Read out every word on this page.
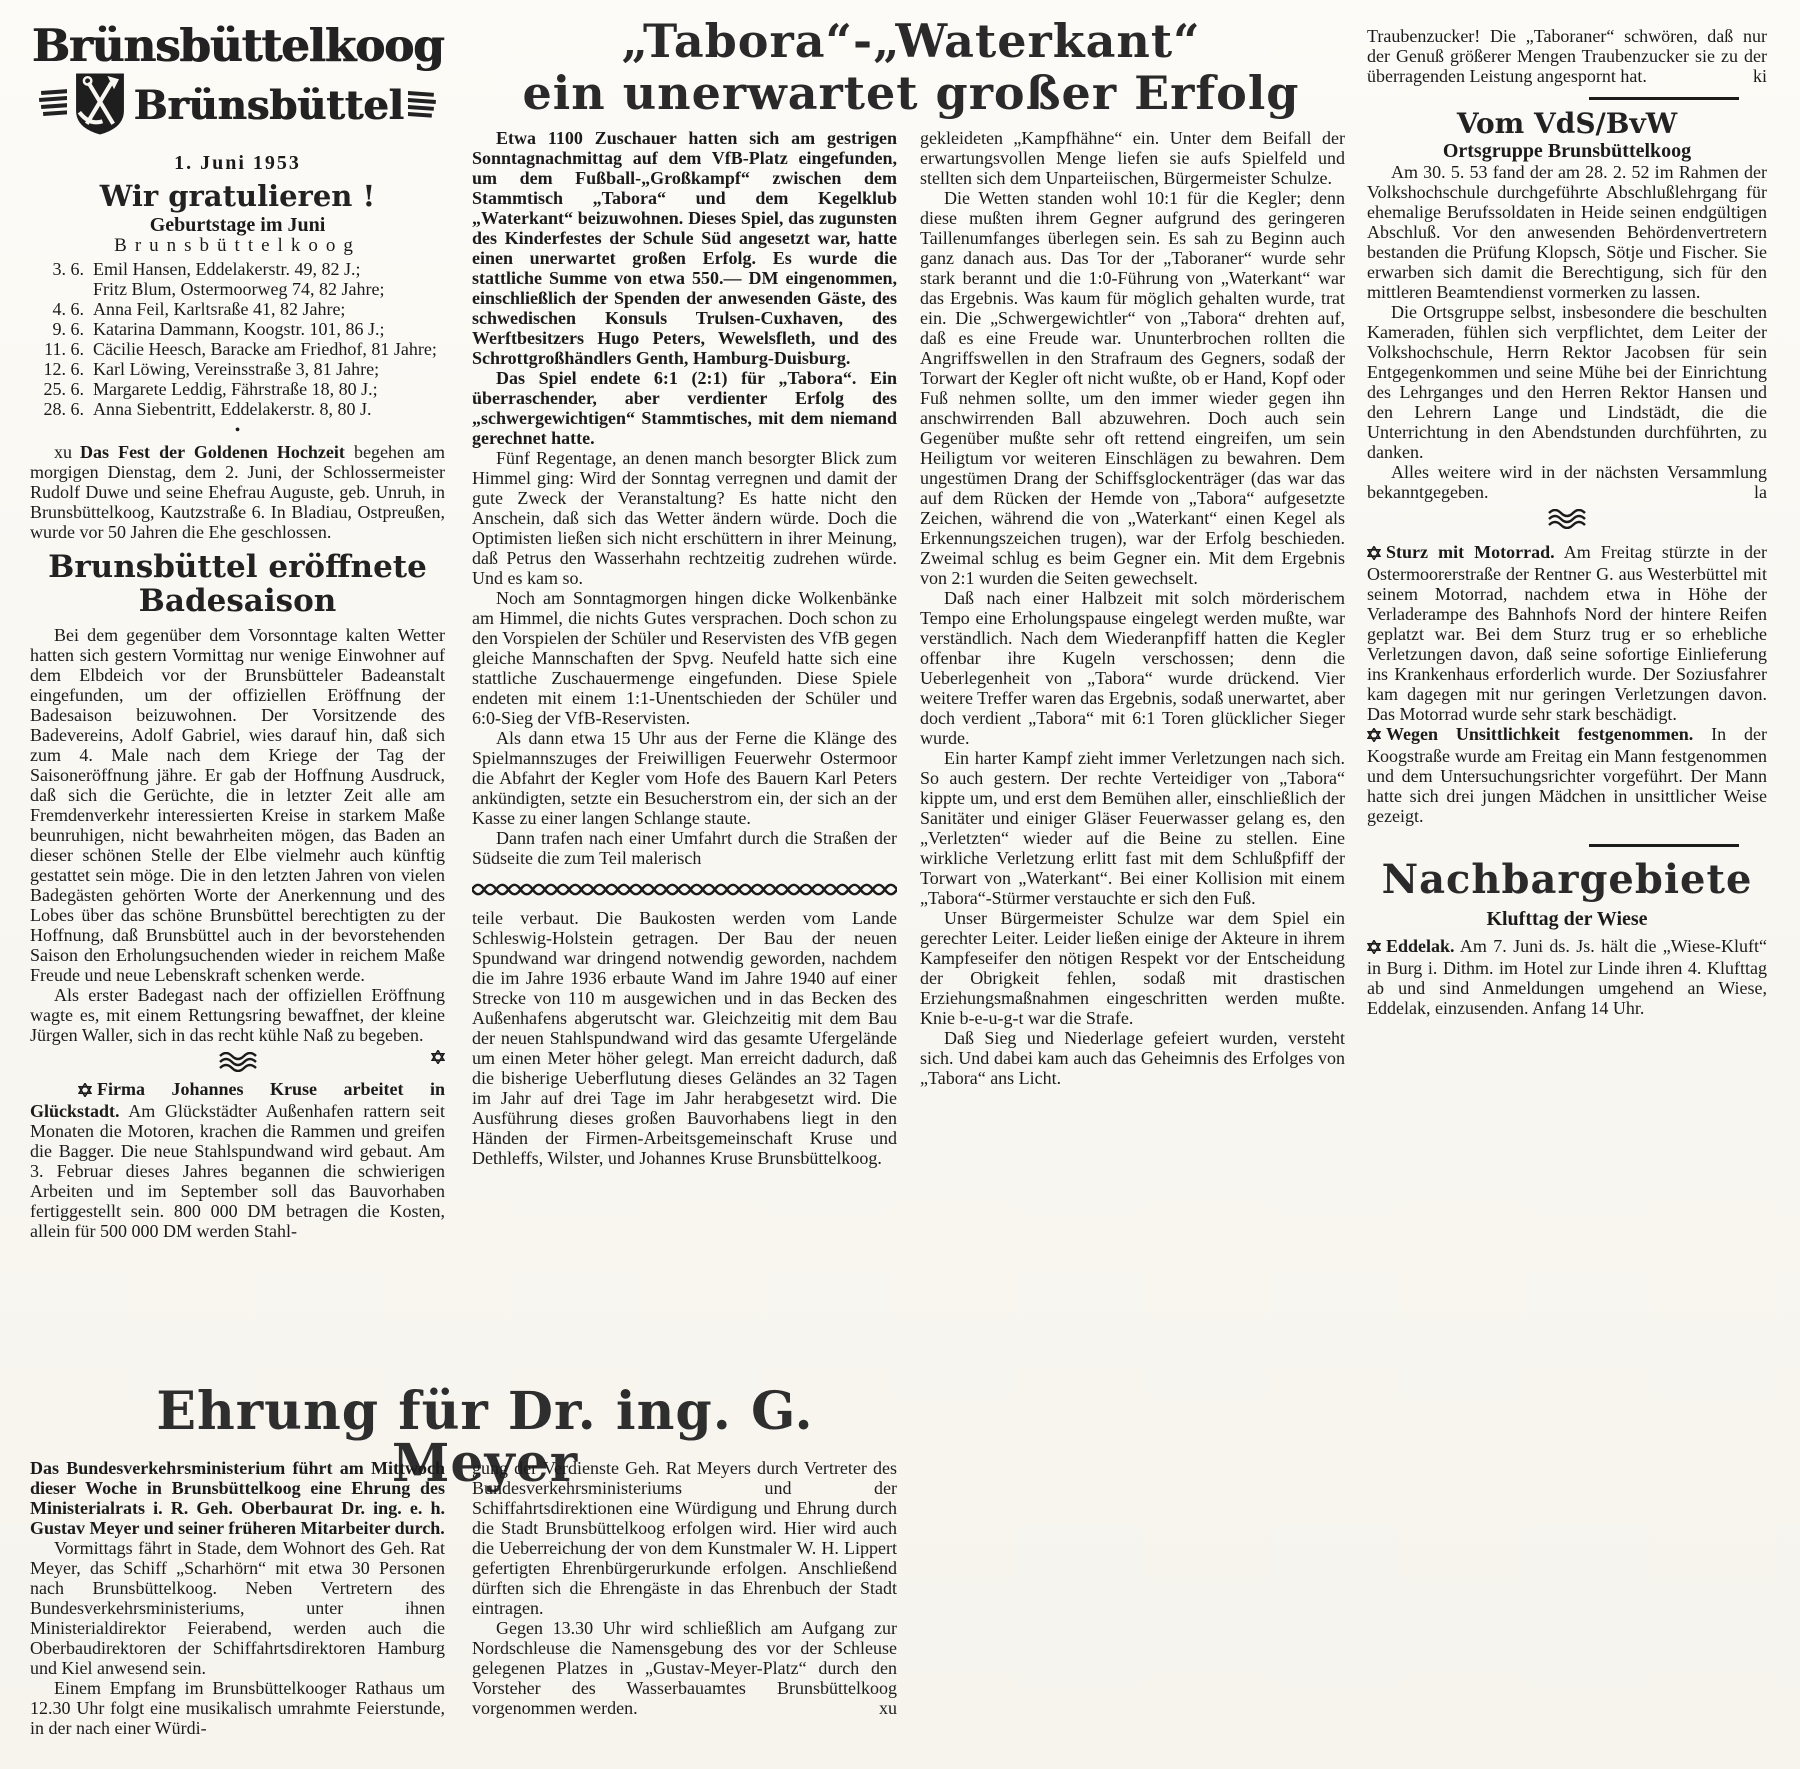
Brünsbüttelkoog
Brünsbüttel
1. Juni 1953
Wir gratulieren !
Geburtstage im Juni
Brunsbüttelkoog
3. 6. Emil Hansen, Eddelakerstr. 49, 82 J.;
Fritz Blum, Ostermoorweg 74, 82 Jahre;
4. 6. Anna Feil, Karltsraße 41, 82 Jahre;
9. 6. Katarina Dammann, Koogstr. 101, 86 J.;
11. 6. Cäcilie Heesch, Baracke am Friedhof, 81 Jahre;
12. 6. Karl Löwing, Vereinsstraße 3, 81 Jahre;
25. 6. Margarete Leddig, Fährstraße 18, 80 J.;
28. 6. Anna Siebentritt, Eddelakerstr. 8, 80 J.
•

xu Das Fest der Goldenen Hochzeit begehen am morgigen Dienstag, dem 2. Juni, der Schlossermeister Rudolf Duwe und seine Ehefrau Auguste, geb. Unruh, in Brunsbüttelkoog, Kautzstraße 6. In Bladiau, Ostpreußen, wurde vor 50 Jahren die Ehe geschlossen.

Brunsbüttel eröffnete
Badesaison

Bei dem gegenüber dem Vorsonntage kalten Wetter hatten sich gestern Vormittag nur wenige Einwohner auf dem Elbdeich vor der Brunsbütteler Badeanstalt eingefunden, um der offiziellen Eröffnung der Badesaison beizuwohnen. Der Vorsitzende des Badevereins, Adolf Gabriel, wies darauf hin, daß sich zum 4. Male nach dem Kriege der Tag der Saisoneröffnung jähre. Er gab der Hoffnung Ausdruck, daß sich die Gerüchte, die in letzter Zeit alle am Fremdenverkehr interessierten Kreise in starkem Maße beunruhigen, nicht bewahrheiten mögen, das Baden an dieser schönen Stelle der Elbe vielmehr auch künftig gestattet sein möge. Die in den letzten Jahren von vielen Badegästen gehörten Worte der Anerkennung und des Lobes über das schöne Brunsbüttel berechtigten zu der Hoffnung, daß Brunsbüttel auch in der bevorstehenden Saison den Erholungsuchenden wieder in reichem Maße Freude und neue Lebenskraft schenken werde.

Als erster Badegast nach der offiziellen Eröffnung wagte es, mit einem Rettungsring bewaffnet, der kleine Jürgen Waller, sich in das recht kühle Naß zu begeben.

Firma Johannes Kruse arbeitet in Glückstadt. Am Glückstädter Außenhafen rattern seit Monaten die Motoren, krachen die Rammen und greifen die Bagger. Die neue Stahlspundwand wird gebaut. Am 3. Februar dieses Jahres begannen die schwierigen Arbeiten und im September soll das Bauvorhaben fertiggestellt sein. 800 000 DM betragen die Kosten, allein für 500 000 DM werden Stahl-

„Tabora“-„Waterkant“
ein unerwartet großer Erfolg

Etwa 1100 Zuschauer hatten sich am gestrigen Sonntagnachmittag auf dem VfB-Platz eingefunden, um dem Fußball-„Großkampf“ zwischen dem Stammtisch „Tabora“ und dem Kegelklub „Waterkant“ beizuwohnen. Dieses Spiel, das zugunsten des Kinderfestes der Schule Süd angesetzt war, hatte einen unerwartet großen Erfolg. Es wurde die stattliche Summe von etwa 550.— DM eingenommen, einschließlich der Spenden der anwesenden Gäste, des schwedischen Konsuls Trulsen-Cuxhaven, des Werftbesitzers Hugo Peters, Wewelsfleth, und des Schrottgroßhändlers Genth, Hamburg-Duisburg.

Das Spiel endete 6:1 (2:1) für „Tabora“. Ein überraschender, aber verdienter Erfolg des „schwergewichtigen“ Stammtisches, mit dem niemand gerechnet hatte.

Fünf Regentage, an denen manch besorgter Blick zum Himmel ging: Wird der Sonntag verregnen und damit der gute Zweck der Veranstaltung? Es hatte nicht den Anschein, daß sich das Wetter ändern würde. Doch die Optimisten ließen sich nicht erschüttern in ihrer Meinung, daß Petrus den Wasserhahn rechtzeitig zudrehen würde. Und es kam so.

Noch am Sonntagmorgen hingen dicke Wolkenbänke am Himmel, die nichts Gutes versprachen. Doch schon zu den Vorspielen der Schüler und Reservisten des VfB gegen gleiche Mannschaften der Spvg. Neufeld hatte sich eine stattliche Zuschauermenge eingefunden. Diese Spiele endeten mit einem 1:1-Unentschieden der Schüler und 6:0-Sieg der VfB-Reservisten.

Als dann etwa 15 Uhr aus der Ferne die Klänge des Spielmannszuges der Freiwilligen Feuerwehr Ostermoor die Abfahrt der Kegler vom Hofe des Bauern Karl Peters ankündigten, setzte ein Besucherstrom ein, der sich an der Kasse zu einer langen Schlange staute.

Dann trafen nach einer Umfahrt durch die Straßen der Südseite die zum Teil malerisch

teile verbaut. Die Baukosten werden vom Lande Schleswig-Holstein getragen. Der Bau der neuen Spundwand war dringend notwendig geworden, nachdem die im Jahre 1936 erbaute Wand im Jahre 1940 auf einer Strecke von 110 m ausgewichen und in das Becken des Außenhafens abgerutscht war. Gleichzeitig mit dem Bau der neuen Stahlspundwand wird das gesamte Ufergelände um einen Meter höher gelegt. Man erreicht dadurch, daß die bisherige Ueberflutung dieses Geländes an 32 Tagen im Jahr auf drei Tage im Jahr herabgesetzt wird. Die Ausführung dieses großen Bauvorhabens liegt in den Händen der Firmen-Arbeitsgemeinschaft Kruse und Dethleffs, Wilster, und Johannes Kruse Brunsbüttelkoog.

gekleideten „Kampfhähne“ ein. Unter dem Beifall der erwartungsvollen Menge liefen sie aufs Spielfeld und stellten sich dem Unparteiischen, Bürgermeister Schulze.

Die Wetten standen wohl 10:1 für die Kegler; denn diese mußten ihrem Gegner aufgrund des geringeren Taillenumfanges überlegen sein. Es sah zu Beginn auch ganz danach aus. Das Tor der „Taboraner“ wurde sehr stark berannt und die 1:0-Führung von „Waterkant“ war das Ergebnis. Was kaum für möglich gehalten wurde, trat ein. Die „Schwergewichtler“ von „Tabora“ drehten auf, daß es eine Freude war. Ununterbrochen rollten die Angriffswellen in den Strafraum des Gegners, sodaß der Torwart der Kegler oft nicht wußte, ob er Hand, Kopf oder Fuß nehmen sollte, um den immer wieder gegen ihn anschwirrenden Ball abzuwehren. Doch auch sein Gegenüber mußte sehr oft rettend eingreifen, um sein Heiligtum vor weiteren Einschlägen zu bewahren. Dem ungestümen Drang der Schiffsglockenträger (das war das auf dem Rücken der Hemde von „Tabora“ aufgesetzte Zeichen, während die von „Waterkant“ einen Kegel als Erkennungszeichen trugen), war der Erfolg beschieden. Zweimal schlug es beim Gegner ein. Mit dem Ergebnis von 2:1 wurden die Seiten gewechselt.

Daß nach einer Halbzeit mit solch mörderischem Tempo eine Erholungspause eingelegt werden mußte, war verständlich. Nach dem Wiederanpfiff hatten die Kegler offenbar ihre Kugeln verschossen; denn die Ueberlegenheit von „Tabora“ wurde drückend. Vier weitere Treffer waren das Ergebnis, sodaß unerwartet, aber doch verdient „Tabora“ mit 6:1 Toren glücklicher Sieger wurde.

Ein harter Kampf zieht immer Verletzungen nach sich. So auch gestern. Der rechte Verteidiger von „Tabora“ kippte um, und erst dem Bemühen aller, einschließlich der Sanitäter und einiger Gläser Feuerwasser gelang es, den „Verletzten“ wieder auf die Beine zu stellen. Eine wirkliche Verletzung erlitt fast mit dem Schlußpfiff der Torwart von „Waterkant“. Bei einer Kollision mit einem „Tabora“-Stürmer verstauchte er sich den Fuß.

Unser Bürgermeister Schulze war dem Spiel ein gerechter Leiter. Leider ließen einige der Akteure in ihrem Kampfeseifer den nötigen Respekt vor der Entscheidung der Obrigkeit fehlen, sodaß mit drastischen Erziehungsmaßnahmen eingeschritten werden mußte. Knie b-e-u-g-t war die Strafe.

Daß Sieg und Niederlage gefeiert wurden, versteht sich. Und dabei kam auch das Geheimnis des Erfolges von „Tabora“ ans Licht.

Traubenzucker! Die „Taboraner“ schwören, daß nur der Genuß größerer Mengen Traubenzucker sie zu der überragenden Leistung angespornt hat.	ki

Vom VdS/BvW
Ortsgruppe Brunsbüttelkoog

Am 30. 5. 53 fand der am 28. 2. 52 im Rahmen der Volkshochschule durchgeführte Abschlußlehrgang für ehemalige Berufssoldaten in Heide seinen endgültigen Abschluß. Vor den anwesenden Behördenvertretern bestanden die Prüfung Klopsch, Sötje und Fischer. Sie erwarben sich damit die Berechtigung, sich für den mittleren Beamtendienst vormerken zu lassen.

Die Ortsgruppe selbst, insbesondere die beschulten Kameraden, fühlen sich verpflichtet, dem Leiter der Volkshochschule, Herrn Rektor Jacobsen für sein Entgegenkommen und seine Mühe bei der Einrichtung des Lehrganges und den Herren Rektor Hansen und den Lehrern Lange und Lindstädt, die die Unterrichtung in den Abendstunden durchführten, zu danken.

Alles weitere wird in der nächsten Versammlung bekanntgegeben.	la

Sturz mit Motorrad. Am Freitag stürzte in der Ostermoorerstraße der Rentner G. aus Westerbüttel mit seinem Motorrad, nachdem etwa in Höhe der Verladerampe des Bahnhofs Nord der hintere Reifen geplatzt war. Bei dem Sturz trug er so erhebliche Verletzungen davon, daß seine sofortige Einlieferung ins Krankenhaus erforderlich wurde. Der Soziusfahrer kam dagegen mit nur geringen Verletzungen davon. Das Motorrad wurde sehr stark beschädigt.

Wegen Unsittlichkeit festgenommen. In der Koogstraße wurde am Freitag ein Mann festgenommen und dem Untersuchungsrichter vorgeführt. Der Mann hatte sich drei jungen Mädchen in unsittlicher Weise gezeigt.

Nachbargebiete
Klufttag der Wiese

Eddelak. Am 7. Juni ds. Js. hält die „Wiese-Kluft“ in Burg i. Dithm. im Hotel zur Linde ihren 4. Klufttag ab und sind Anmeldungen umgehend an Wiese, Eddelak, einzusenden. Anfang 14 Uhr.

Ehrung für Dr. ing. G. Meyer

Das Bundesverkehrsministerium führt am Mittwoch dieser Woche in Brunsbüttelkoog eine Ehrung des Ministerialrats i. R. Geh. Oberbaurat Dr. ing. e. h. Gustav Meyer und seiner früheren Mitarbeiter durch.

Vormittags fährt in Stade, dem Wohnort des Geh. Rat Meyer, das Schiff „Scharhörn“ mit etwa 30 Personen nach Brunsbüttelkoog. Neben Vertretern des Bundesverkehrsministeriums, unter ihnen Ministerialdirektor Feierabend, werden auch die Oberbaudirektoren der Schiffahrtsdirektoren Hamburg und Kiel anwesend sein.

Einem Empfang im Brunsbüttelkooger Rathaus um 12.30 Uhr folgt eine musikalisch umrahmte Feierstunde, in der nach einer Würdi-

gung der Verdienste Geh. Rat Meyers durch Vertreter des Bundesverkehrsministeriums und der Schiffahrtsdirektionen eine Würdigung und Ehrung durch die Stadt Brunsbüttelkoog erfolgen wird. Hier wird auch die Ueberreichung der von dem Kunstmaler W. H. Lippert gefertigten Ehrenbürgerurkunde erfolgen. Anschließend dürften sich die Ehrengäste in das Ehrenbuch der Stadt eintragen.

Gegen 13.30 Uhr wird schließlich am Aufgang zur Nordschleuse die Namensgebung des vor der Schleuse gelegenen Platzes in „Gustav-Meyer-Platz“ durch den Vorsteher des Wasserbauamtes Brunsbüttelkoog vorgenommen werden.	xu
